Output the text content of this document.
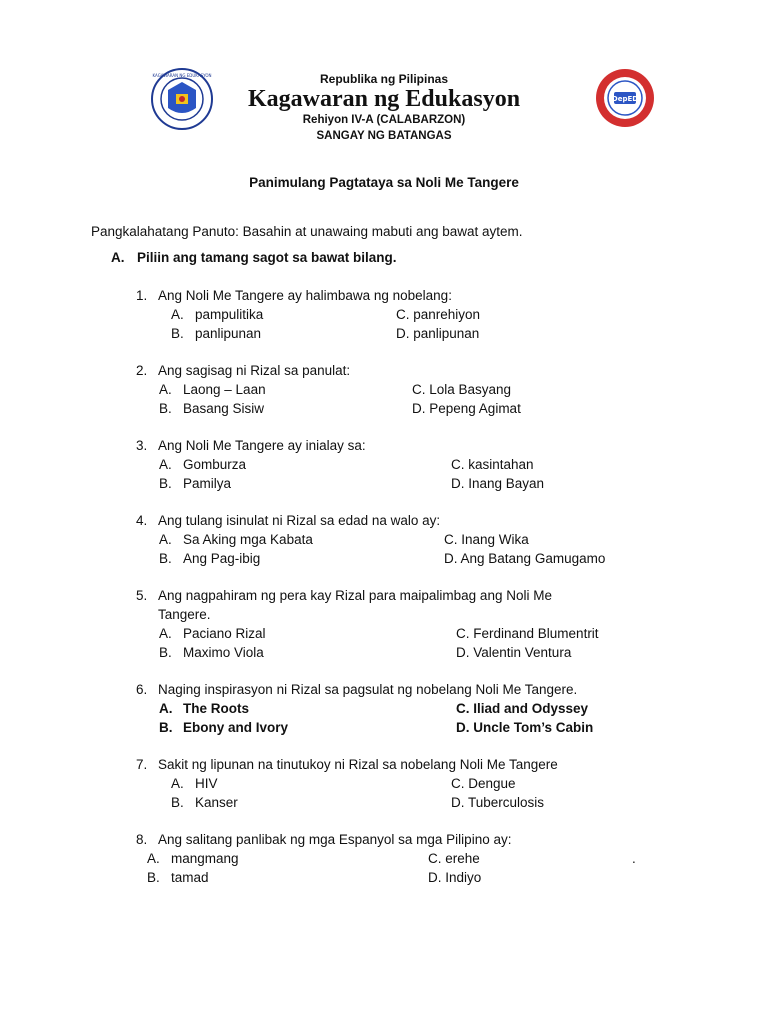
KAGAWARAN NG EDUKASYON
DepED
Republika ng Pilipinas
Kagawaran ng Edukasyon
Rehiyon IV-A (CALABARZON)
SANGAY NG BATANGAS
Panimulang Pagtataya sa Noli Me Tangere
Pangkalahatang Panuto: Basahin at unawaing mabuti ang bawat aytem.
A. Piliin ang tamang sagot sa bawat bilang.
1. Ang Noli Me Tangere ay halimbawa ng nobelang:
A. pampulitika
B. panlipunan
C. panrehiyon
D. panlipunan
2. Ang sagisag ni Rizal sa panulat:
A. Laong – Laan
B. Basang Sisiw
C. Lola Basyang
D. Pepeng Agimat
3. Ang Noli Me Tangere ay inialay sa:
A. Gomburza
B. Pamilya
C. kasintahan
D. Inang Bayan
4. Ang tulang isinulat ni Rizal sa edad na walo ay:
A. Sa Aking mga Kabata
B. Ang Pag-ibig
C. Inang Wika
D. Ang Batang Gamugamo
5. Ang nagpahiram ng pera kay Rizal para maipalimbag ang Noli Me
Tangere.
A. Paciano Rizal
B. Maximo Viola
C. Ferdinand Blumentrit
D. Valentin Ventura
6. Naging inspirasyon ni Rizal sa pagsulat ng nobelang Noli Me Tangere.
A. The Roots
B. Ebony and Ivory
C. Iliad and Odyssey
D. Uncle Tom’s Cabin
7. Sakit ng lipunan na tinutukoy ni Rizal sa nobelang Noli Me Tangere
A. HIV
B. Kanser
C. Dengue
D. Tuberculosis
8. Ang salitang panlibak ng mga Espanyol sa mga Pilipino ay:
A. mangmang
B. tamad
C. erehe
D. Indiyo
.
